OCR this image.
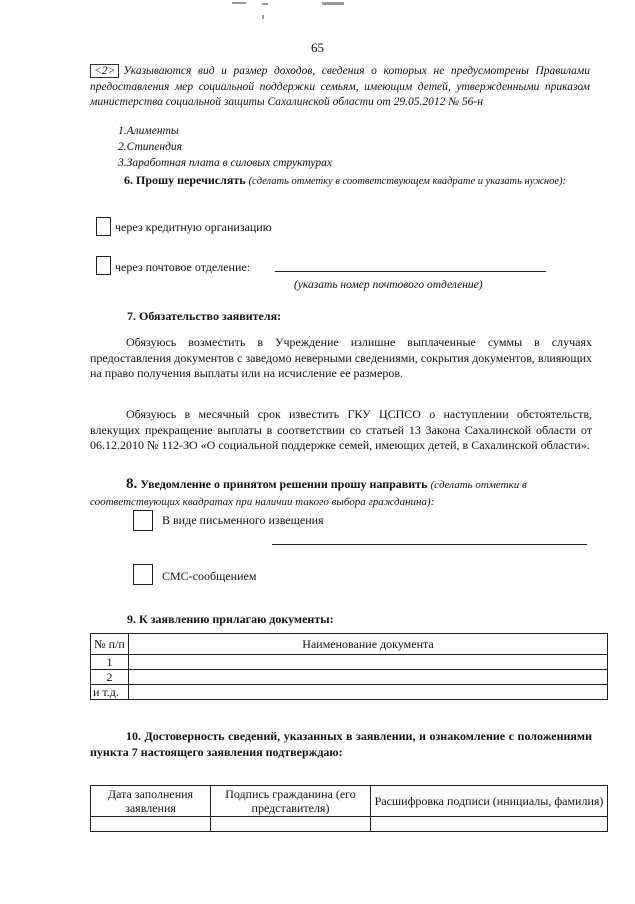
65
<2> Указываются вид и размер доходов, сведения о которых не предусмотрены Правилами предоставления мер социальной поддержки семьям, имеющим детей, утвержденными приказом министерства социальной защиты Сахалинской области от 29.05.2012 № 56-н
1.Алименты
2.Стипендия
3.Заработная плата в силовых структурах
6. Прошу перечислять (сделать отметку в соответствующем квадрате и указать нужное):
через кредитную организацию
через почтовое отделение:
(указать номер почтового отделение)
7. Обязательство заявителя:
Обязуюсь возместить в Учреждение излишне выплаченные суммы в случаях предоставления документов с заведомо неверными сведениями, сокрытия документов, влияющих на право получения выплаты или на исчисление ее размеров.
Обязуюсь в месячный срок известить ГКУ ЦСПСО о наступлении обстоятельств, влекущих прекращение выплаты в соответствии со статьей 13 Закона Сахалинской области от 06.12.2010 № 112-ЗО «О социальной поддержке семей, имеющих детей, в Сахалинской области».
8. Уведомление о принятом решении прошу направить (сделать отметки в соответствующих квадратах при наличии такого выбора гражданина):
В виде письменного извещения
СМС-сообщением
9. К заявлению прилагаю документы:
№ п/п	Наименование документа
1	
2	
и т.д.	
10. Достоверность сведений, указанных в заявлении, и ознакомление с положениями пункта 7 настоящего заявления подтверждаю:
Дата заполнения заявления	Подпись гражданина (его представителя)	Расшифровка подписи (инициалы, фамилия)
